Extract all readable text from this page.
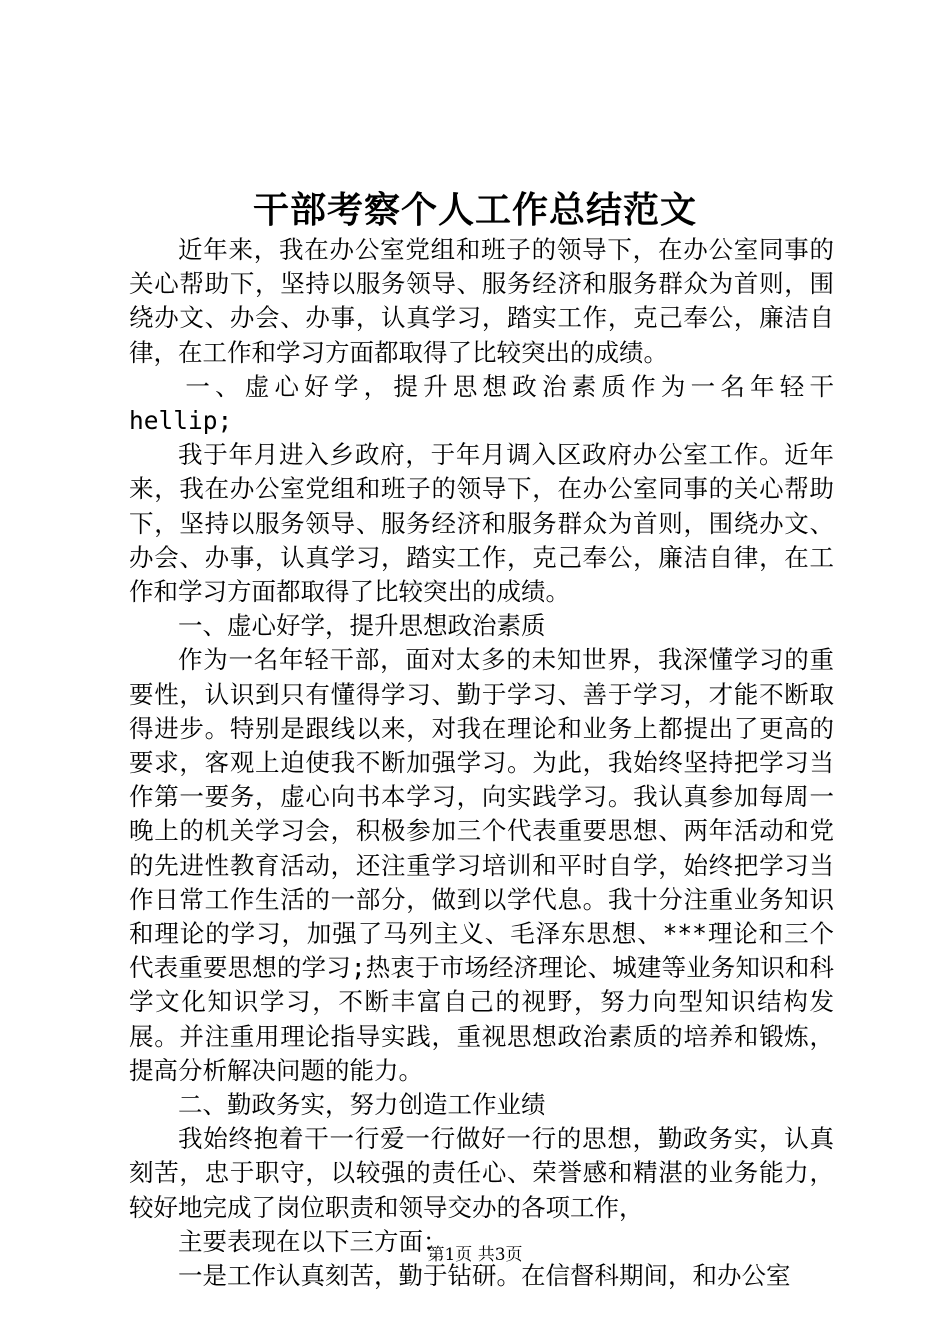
干部考察个人工作总结范文

近年来，我在办公室党组和班子的领导下，在办公室同事的关心帮助下，坚持以服务领导、服务经济和服务群众为首则，围绕办文、办会、办事，认真学习，踏实工作，克己奉公，廉洁自律，在工作和学习方面都取得了比较突出的成绩。

一、虚心好学，提升思想政治素质作为一名年轻干

hellip;

我于年月进入乡政府，于年月调入区政府办公室工作。近年来，我在办公室党组和班子的领导下，在办公室同事的关心帮助下，坚持以服务领导、服务经济和服务群众为首则，围绕办文、办会、办事，认真学习，踏实工作，克己奉公，廉洁自律，在工作和学习方面都取得了比较突出的成绩。

一、虚心好学，提升思想政治素质

作为一名年轻干部，面对太多的未知世界，我深懂学习的重要性，认识到只有懂得学习、勤于学习、善于学习，才能不断取得进步。特别是跟线以来，对我在理论和业务上都提出了更高的要求，客观上迫使我不断加强学习。为此，我始终坚持把学习当作第一要务，虚心向书本学习，向实践学习。我认真参加每周一晚上的机关学习会，积极参加三个代表重要思想、两年活动和党的先进性教育活动，还注重学习培训和平时自学，始终把学习当作日常工作生活的一部分，做到以学代息。我十分注重业务知识和理论的学习，加强了马列主义、毛泽东思想、***理论和三个代表重要思想的学习;热衷于市场经济理论、城建等业务知识和科学文化知识学习，不断丰富自己的视野，努力向型知识结构发展。并注重用理论指导实践，重视思想政治素质的培养和锻炼，提高分析解决问题的能力。

二、勤政务实，努力创造工作业绩

我始终抱着干一行爱一行做好一行的思想，勤政务实，认真刻苦，忠于职守，以较强的责任心、荣誉感和精湛的业务能力，较好地完成了岗位职责和领导交办的各项工作，

主要表现在以下三方面：

一是工作认真刻苦，勤于钻研。在信督科期间，和办公室

第1页 共3页
